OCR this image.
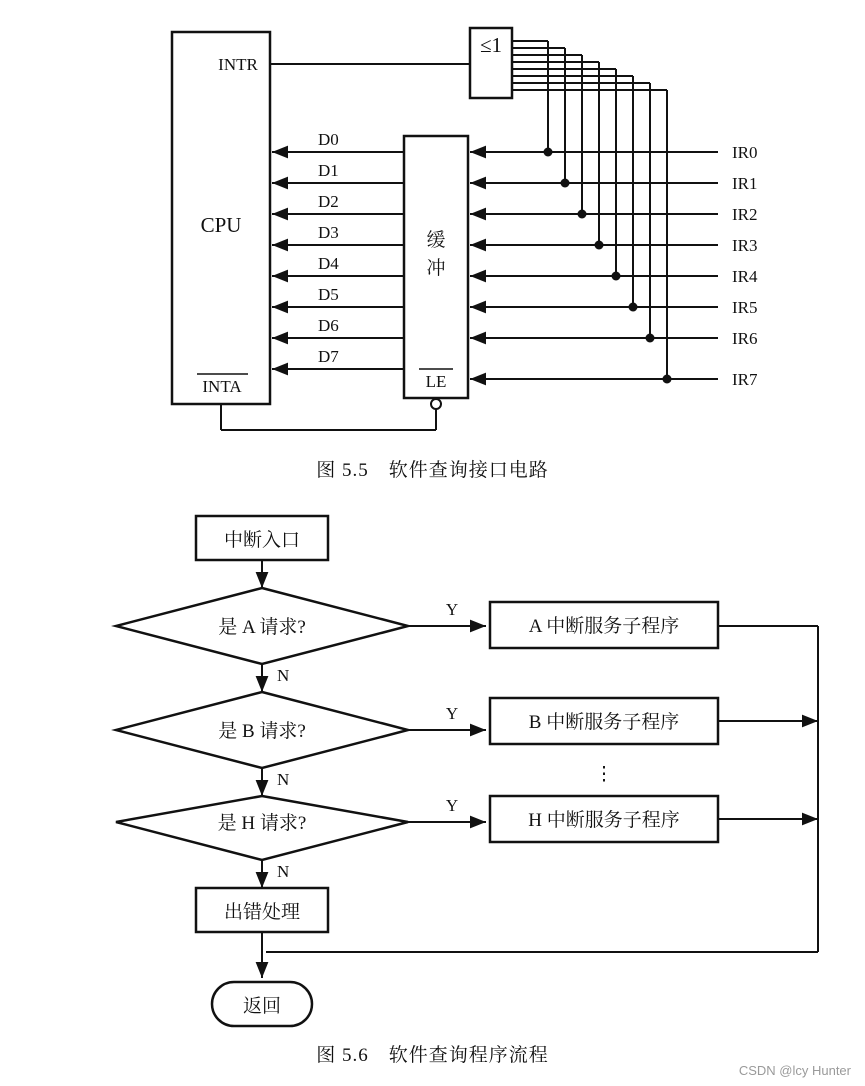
CPU
INTR
INTA
缓
冲
LE
≤1
D0
D1
D2
D3
D4
D5
D6
D7
IR0
IR1
IR2
IR3
IR4
IR5
IR6
IR7
中断入口
是 A 请求?
Y
N
A 中断服务子程序
是 B 请求?
Y
N
B 中断服务子程序
⋮
是 H 请求?
Y
N
H 中断服务子程序
出错处理
返回
图 5.5　软件查询接口电路
图 5.6　软件查询程序流程
CSDN @lcy Hunter
